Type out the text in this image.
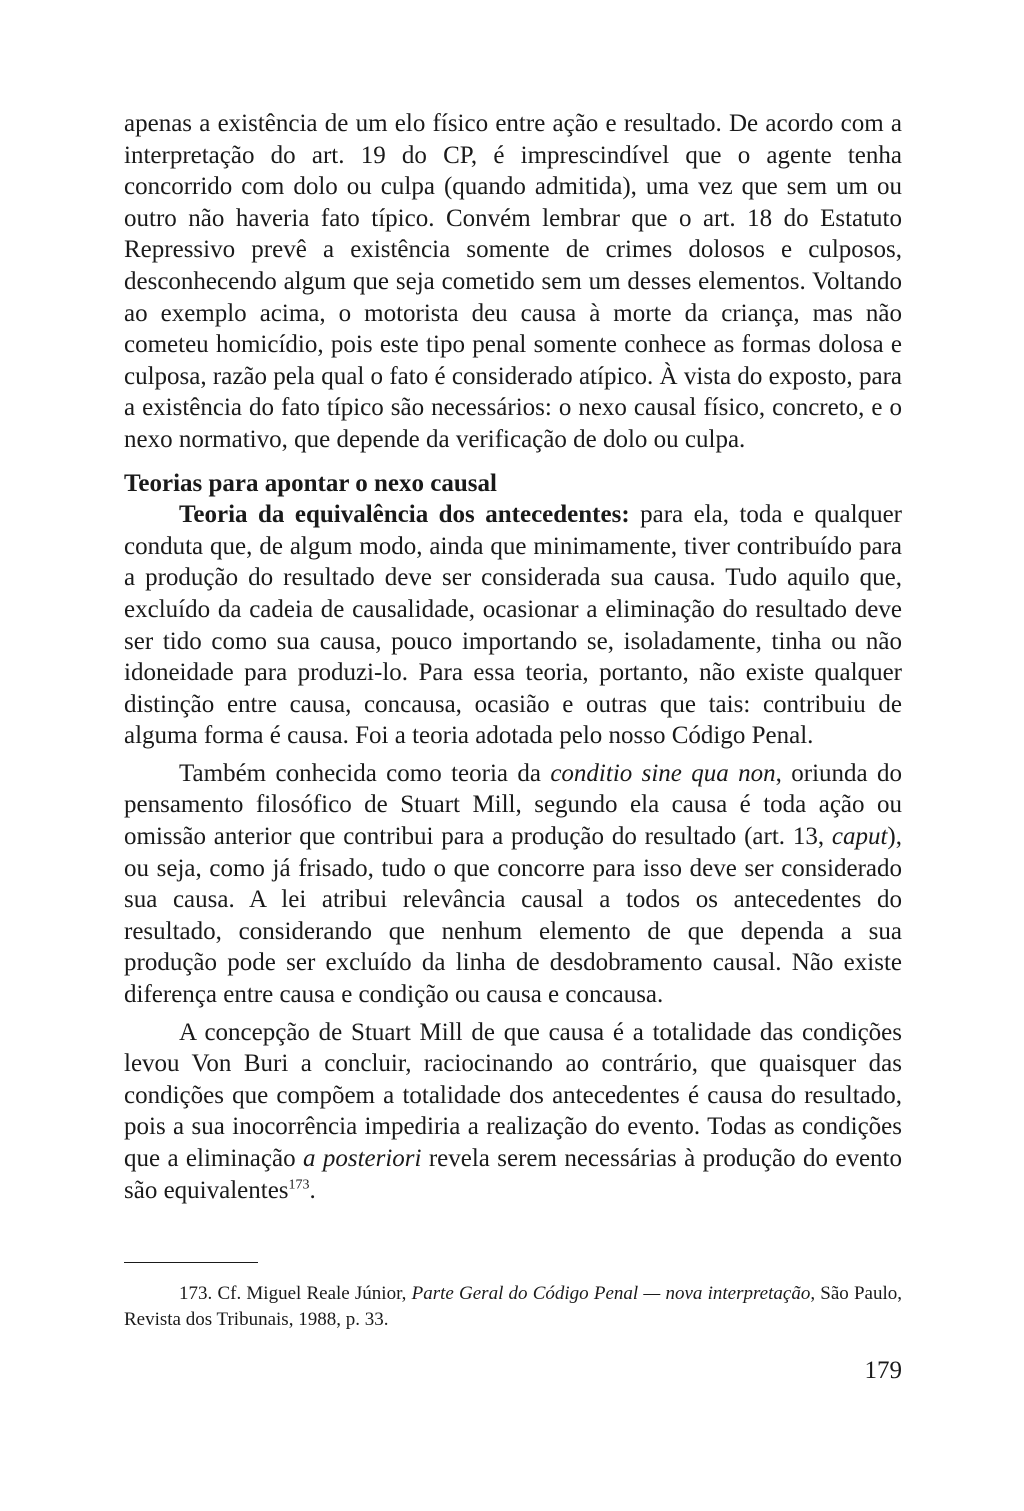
apenas a existência de um elo físico entre ação e resultado. De acordo com a interpretação do art. 19 do CP, é imprescindível que o agente tenha concorrido com dolo ou culpa (quando admitida), uma vez que sem um ou outro não haveria fato típico. Convém lembrar que o art. 18 do Estatuto Repressivo prevê a existência somente de crimes dolosos e culposos, desconhecendo algum que seja cometido sem um desses elementos. Voltando ao exemplo acima, o motorista deu causa à morte da criança, mas não cometeu homicídio, pois este tipo penal somente conhece as formas dolosa e culposa, razão pela qual o fato é considerado atípico. À vista do exposto, para a existência do fato típico são necessários: o nexo causal físico, concreto, e o nexo normativo, que depende da verificação de dolo ou culpa.

Teorias para apontar o nexo causal

Teoria da equivalência dos antecedentes: para ela, toda e qualquer conduta que, de algum modo, ainda que minimamente, tiver contribuído para a produção do resultado deve ser considerada sua causa. Tudo aquilo que, excluído da cadeia de causalidade, ocasionar a eliminação do resultado deve ser tido como sua causa, pouco importando se, isoladamente, tinha ou não idoneidade para produzi-lo. Para essa teoria, portanto, não existe qualquer distinção entre causa, concausa, ocasião e outras que tais: contribuiu de alguma forma é causa. Foi a teoria adotada pelo nosso Código Penal.

Também conhecida como teoria da conditio sine qua non, oriunda do pensamento filosófico de Stuart Mill, segundo ela causa é toda ação ou omissão anterior que contribui para a produção do resultado (art. 13, caput), ou seja, como já frisado, tudo o que concorre para isso deve ser considerado sua causa. A lei atribui relevância causal a todos os antecedentes do resultado, considerando que nenhum elemento de que dependa a sua produção pode ser excluído da linha de desdobramento causal. Não existe diferença entre causa e condição ou causa e concausa.

A concepção de Stuart Mill de que causa é a totalidade das condições levou Von Buri a concluir, raciocinando ao contrário, que quaisquer das condições que compõem a totalidade dos antecedentes é causa do resultado, pois a sua inocorrência impediria a realização do evento. Todas as condições que a eliminação a posteriori revela serem necessárias à produção do evento são equivalentes$^{173}$.

173. Cf. Miguel Reale Júnior, Parte Geral do Código Penal — nova interpretação, São Paulo, Revista dos Tribunais, 1988, p. 33.

179
